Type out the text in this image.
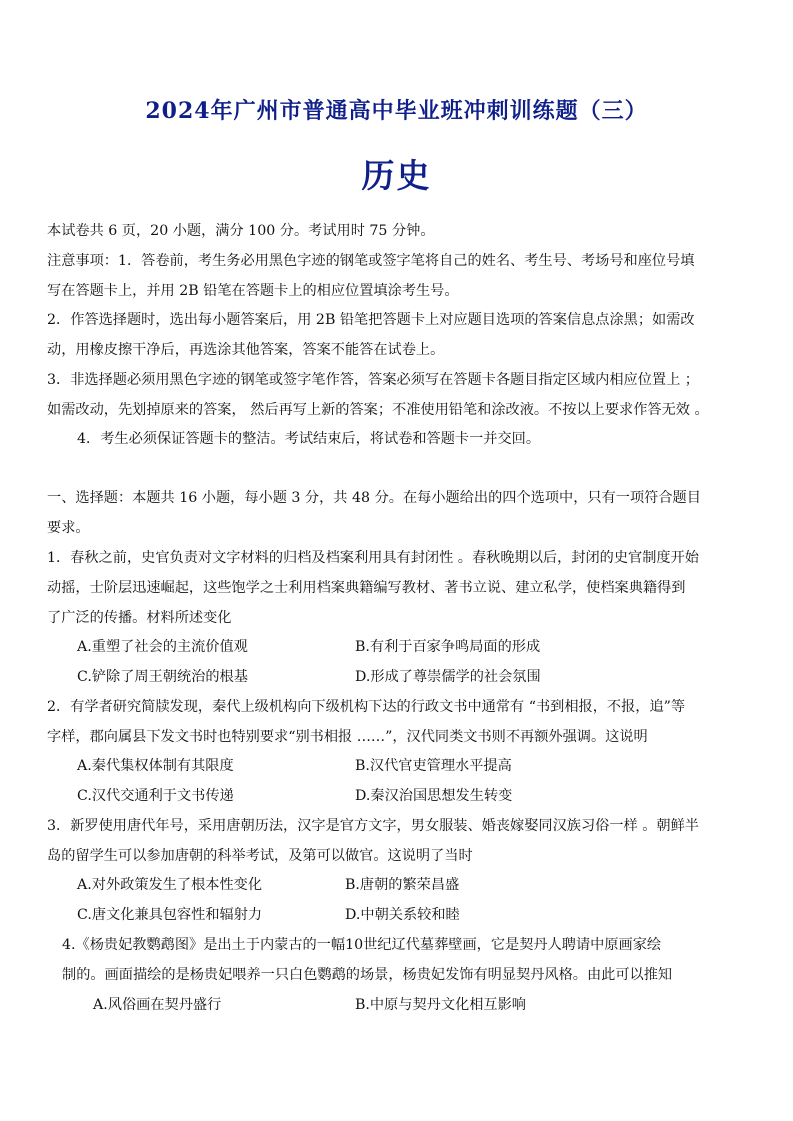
2024年广州市普通高中毕业班冲刺训练题（三）
历史

本试卷共 6 页，20 小题，满分 100 分。考试用时 75 分钟。

注意事项：1．答卷前，考生务必用黑色字迹的钢笔或签字笔将自己的姓名、考生号、考场号和座位号填

写在答题卡上，并用 2B 铅笔在答题卡上的相应位置填涂考生号。

2．作答选择题时，选出每小题答案后，用 2B 铅笔把答题卡上对应题目选项的答案信息点涂黑；如需改

动，用橡皮擦干净后，再选涂其他答案，答案不能答在试卷上。

3．非选择题必须用黑色字迹的钢笔或签字笔作答，答案必须写在答题卡各题目指定区域内相应位置上 ；

如需改动，先划掉原来的答案， 然后再写上新的答案；不准使用铅笔和涂改液。不按以上要求作答无效 。

4．考生必须保证答题卡的整洁。考试结束后，将试卷和答题卡一并交回。

一、选择题：本题共 16 小题，每小题 3 分，共 48 分。在每小题给出的四个选项中，只有一项符合题目

要求。

1．春秋之前，史官负责对文字材料的归档及档案利用具有封闭性 。春秋晚期以后，封闭的史官制度开始

动摇，士阶层迅速崛起，这些饱学之士利用档案典籍编写教材、著书立说、建立私学，使档案典籍得到

了广泛的传播。材料所述变化

A.重塑了社会的主流价值观	B.有利于百家争鸣局面的形成

C.铲除了周王朝统治的根基	D.形成了尊崇儒学的社会氛围

2．有学者研究简牍发现，秦代上级机构向下级机构下达的行政文书中通常有 “书到相报，不报，追”等

字样，郡向属县下发文书时也特别要求“别书相报 ……”，汉代同类文书则不再额外强调。这说明

A.秦代集权体制有其限度	B.汉代官吏管理水平提高

C.汉代交通利于文书传递	D.秦汉治国思想发生转变

3．新罗使用唐代年号，采用唐朝历法，汉字是官方文字，男女服装、婚丧嫁娶同汉族习俗一样 。朝鲜半

岛的留学生可以参加唐朝的科举考试，及第可以做官。这说明了当时

A.对外政策发生了根本性变化	B.唐朝的繁荣昌盛

C.唐文化兼具包容性和辐射力	D.中朝关系较和睦

4.《杨贵妃教鹦鹉图》是出土于内蒙古的一幅10世纪辽代墓葬壁画，它是契丹人聘请中原画家绘

制的。画面描绘的是杨贵妃喂养一只白色鹦鹉的场景，杨贵妃发饰有明显契丹风格。由此可以推知

A.风俗画在契丹盛行	B.中原与契丹文化相互影响
